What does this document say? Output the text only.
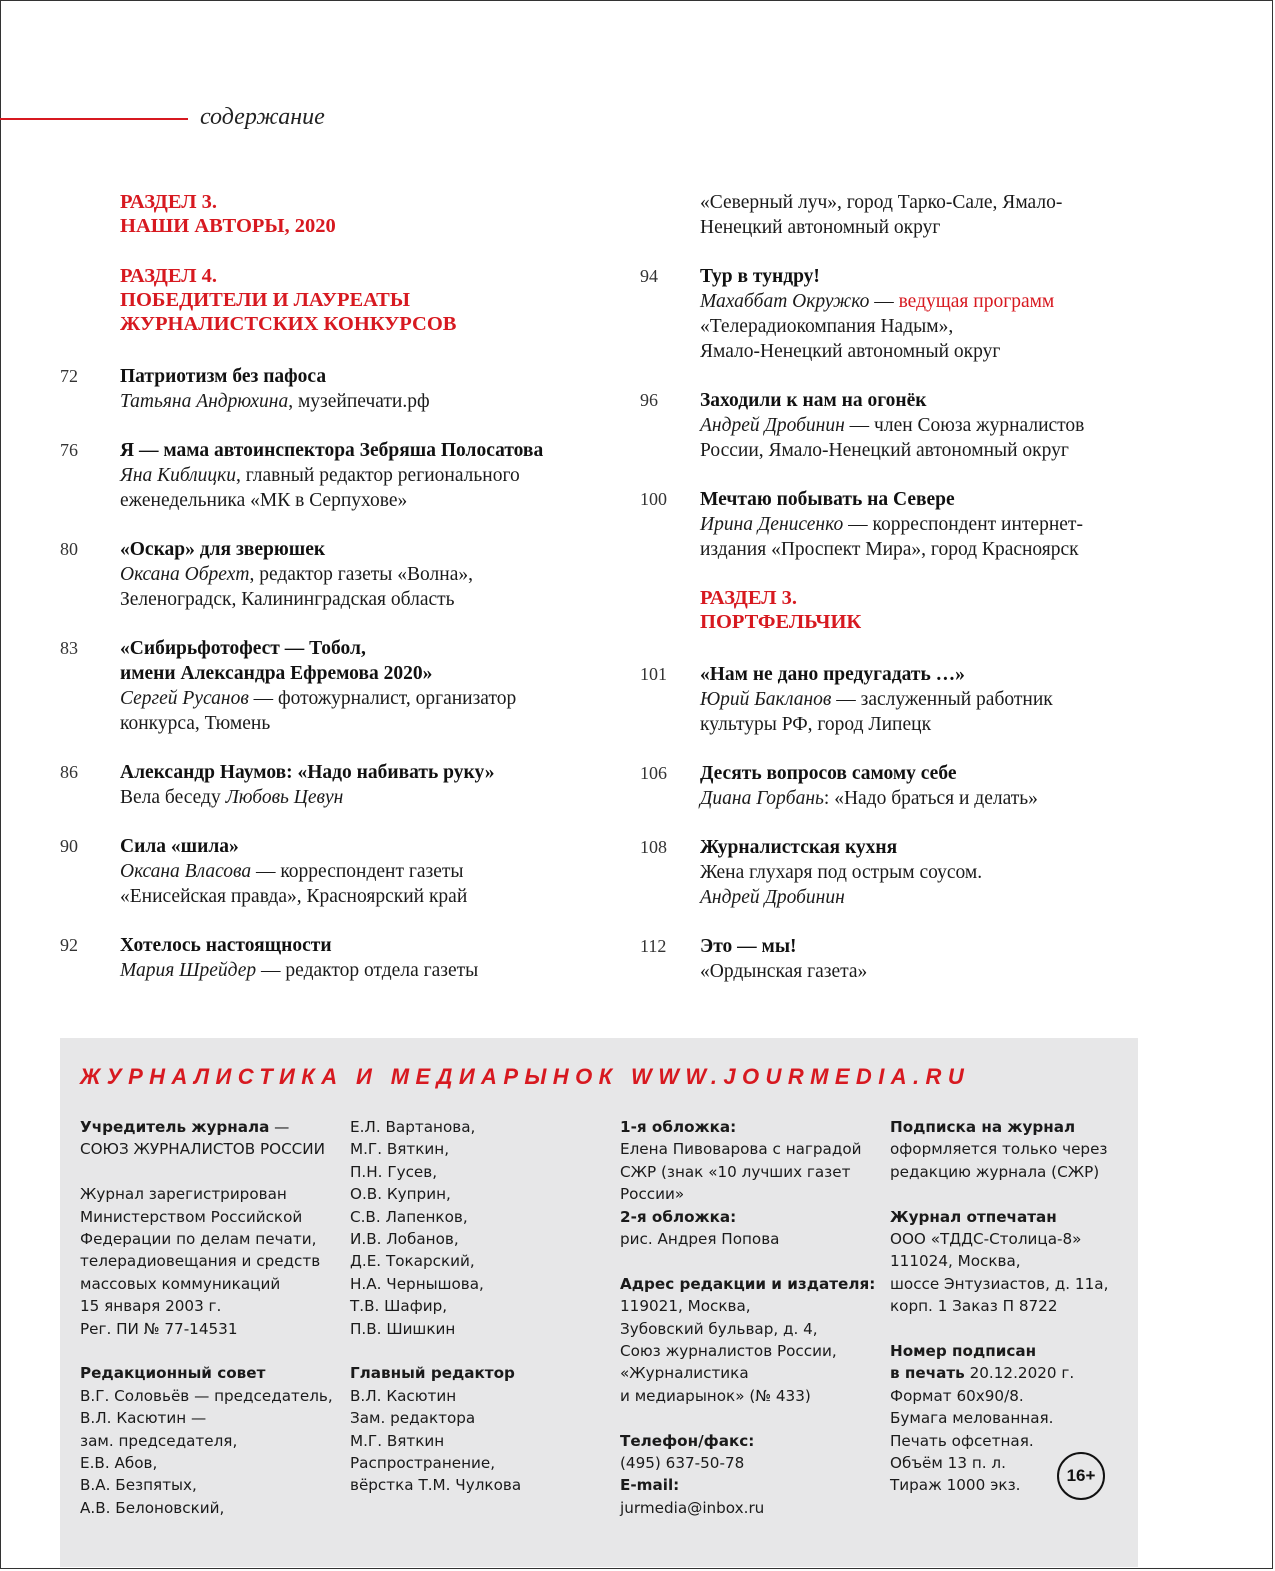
содержание
РАЗДЕЛ 3.
НАШИ АВТОРЫ, 2020
РАЗДЕЛ 4.
ПОБЕДИТЕЛИ И ЛАУРЕАТЫ
ЖУРНАЛИСТСКИХ КОНКУРСОВ
72	Патриотизм без пафоса
Татьяна Андрюхина, музейпечати.рф
76	Я — мама автоинспектора Зебряша Полосатова
Яна Киблицки, главный редактор регионального
еженедельника «МК в Серпухове»
80	«Оскар» для зверюшек
Оксана Обрехт, редактор газеты «Волна»,
Зеленоградск, Калининградская область
83	«Сибирьфотофест — Тобол,
имени Александра Ефремова 2020»
Сергей Русанов — фотожурналист, организатор
конкурса, Тюмень
86	Александр Наумов: «Надо набивать руку»
Вела беседу Любовь Цевун
90	Сила «шила»
Оксана Власова — корреспондент газеты
«Енисейская правда», Красноярский край
92	Хотелось настоящности
Мария Шрейдер — редактор отдела газеты
«Северный луч», город Тарко-Сале, Ямало-
Ненецкий автономный округ
94	Тур в тундру!
Махаббат Окружко — ведущая программ
«Телерадиокомпания Надым»,
Ямало-Ненецкий автономный округ
96	Заходили к нам на огонёк
Андрей Дробинин — член Союза журналистов
России, Ямало-Ненецкий автономный округ
100	Мечтаю побывать на Севере
Ирина Денисенко — корреспондент интернет-
издания «Проспект Мира», город Красноярск
РАЗДЕЛ 3.
ПОРТФЕЛЬЧИК
101	«Нам не дано предугадать …»
Юрий Бакланов — заслуженный работник
культуры РФ, город Липецк
106	Десять вопросов самому себе
Диана Горбань: «Надо браться и делать»
108	Журналистская кухня
Жена глухаря под острым соусом.
Андрей Дробинин
112	Это — мы!
«Ордынская газета»
ЖУРНАЛИСТИКА И МЕДИАРЫНОК WWW.JOURMEDIA.RU
Учредитель журнала —
СОЮЗ ЖУРНАЛИСТОВ РОССИИ
Журнал зарегистрирован
Министерством Российской
Федерации по делам печати,
телерадиовещания и средств
массовых коммуникаций
15 января 2003 г.
Рег. ПИ № 77-14531
Редакционный совет
В.Г. Соловьёв — председатель,
В.Л. Касютин —
зам. председателя,
Е.В. Абов,
В.А. Безпятых,
А.В. Белоновский,
Е.Л. Вартанова,
М.Г. Вяткин,
П.Н. Гусев,
О.В. Куприн,
С.В. Лапенков,
И.В. Лобанов,
Д.Е. Токарский,
Н.А. Чернышова,
Т.В. Шафир,
П.В. Шишкин
Главный редактор
В.Л. Касютин
Зам. редактора
М.Г. Вяткин
Распространение,
вёрстка Т.М. Чулкова
1-я обложка:
Елена Пивоварова с наградой
СЖР (знак «10 лучших газет
России»
2-я обложка:
рис. Андрея Попова
Адрес редакции и издателя:
119021, Москва,
Зубовский бульвар, д. 4,
Союз журналистов России,
«Журналистика
и медиарынок» (№ 433)
Телефон/факс:
(495) 637-50-78
E-mail:
jurmedia@inbox.ru
Подписка на журнал
оформляется только через
редакцию журнала (СЖР)
Журнал отпечатан
ООО «ТДДС-Столица-8»
111024, Москва,
шоссе Энтузиастов, д. 11а,
корп. 1 Заказ П 8722
Номер подписан
в печать 20.12.2020 г.
Формат 60х90/8.
Бумага мелованная.
Печать офсетная.
Объём 13 п. л.
Тираж 1000 экз.
16+
